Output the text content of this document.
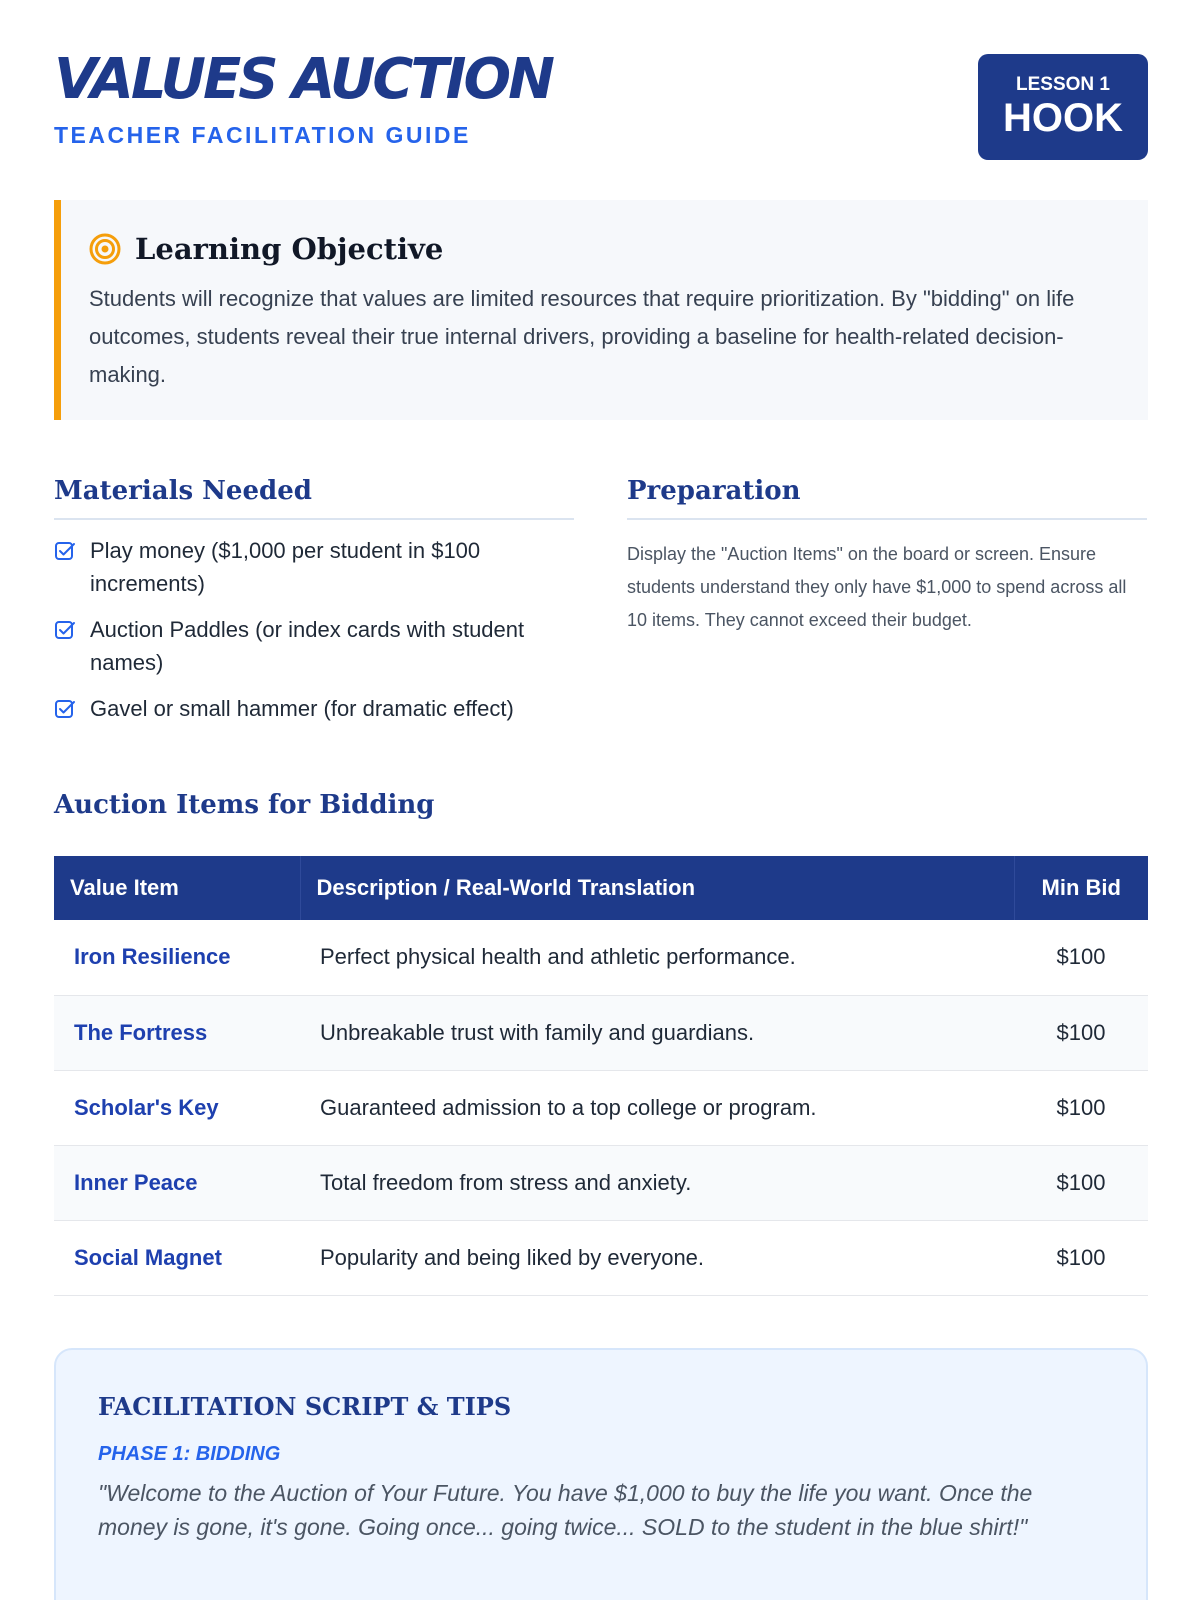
VALUES AUCTION
TEACHER FACILITATION GUIDE
LESSON 1
HOOK
Learning Objective

Students will recognize that values are limited resources that require prioritization. By "bidding" on life outcomes, students reveal their true internal drivers, providing a baseline for health-related decision-making.

Materials Needed
Play money ($1,000 per student in $100 increments)
Auction Paddles (or index cards with student names)
Gavel or small hammer (for dramatic effect)
Preparation

Display the "Auction Items" on the board or screen. Ensure students understand they only have $1,000 to spend across all 10 items. They cannot exceed their budget.

Auction Items for Bidding
Value Item	Description / Real-World Translation	Min Bid
Iron Resilience	Perfect physical health and athletic performance.	$100
The Fortress	Unbreakable trust with family and guardians.	$100
Scholar's Key	Guaranteed admission to a top college or program.	$100
Inner Peace	Total freedom from stress and anxiety.	$100
Social Magnet	Popularity and being liked by everyone.	$100
FACILITATION SCRIPT & TIPS
PHASE 1: BIDDING

"Welcome to the Auction of Your Future. You have $1,000 to buy the life you want. Once the money is gone, it's gone. Going once... going twice... SOLD to the student in the blue shirt!"
